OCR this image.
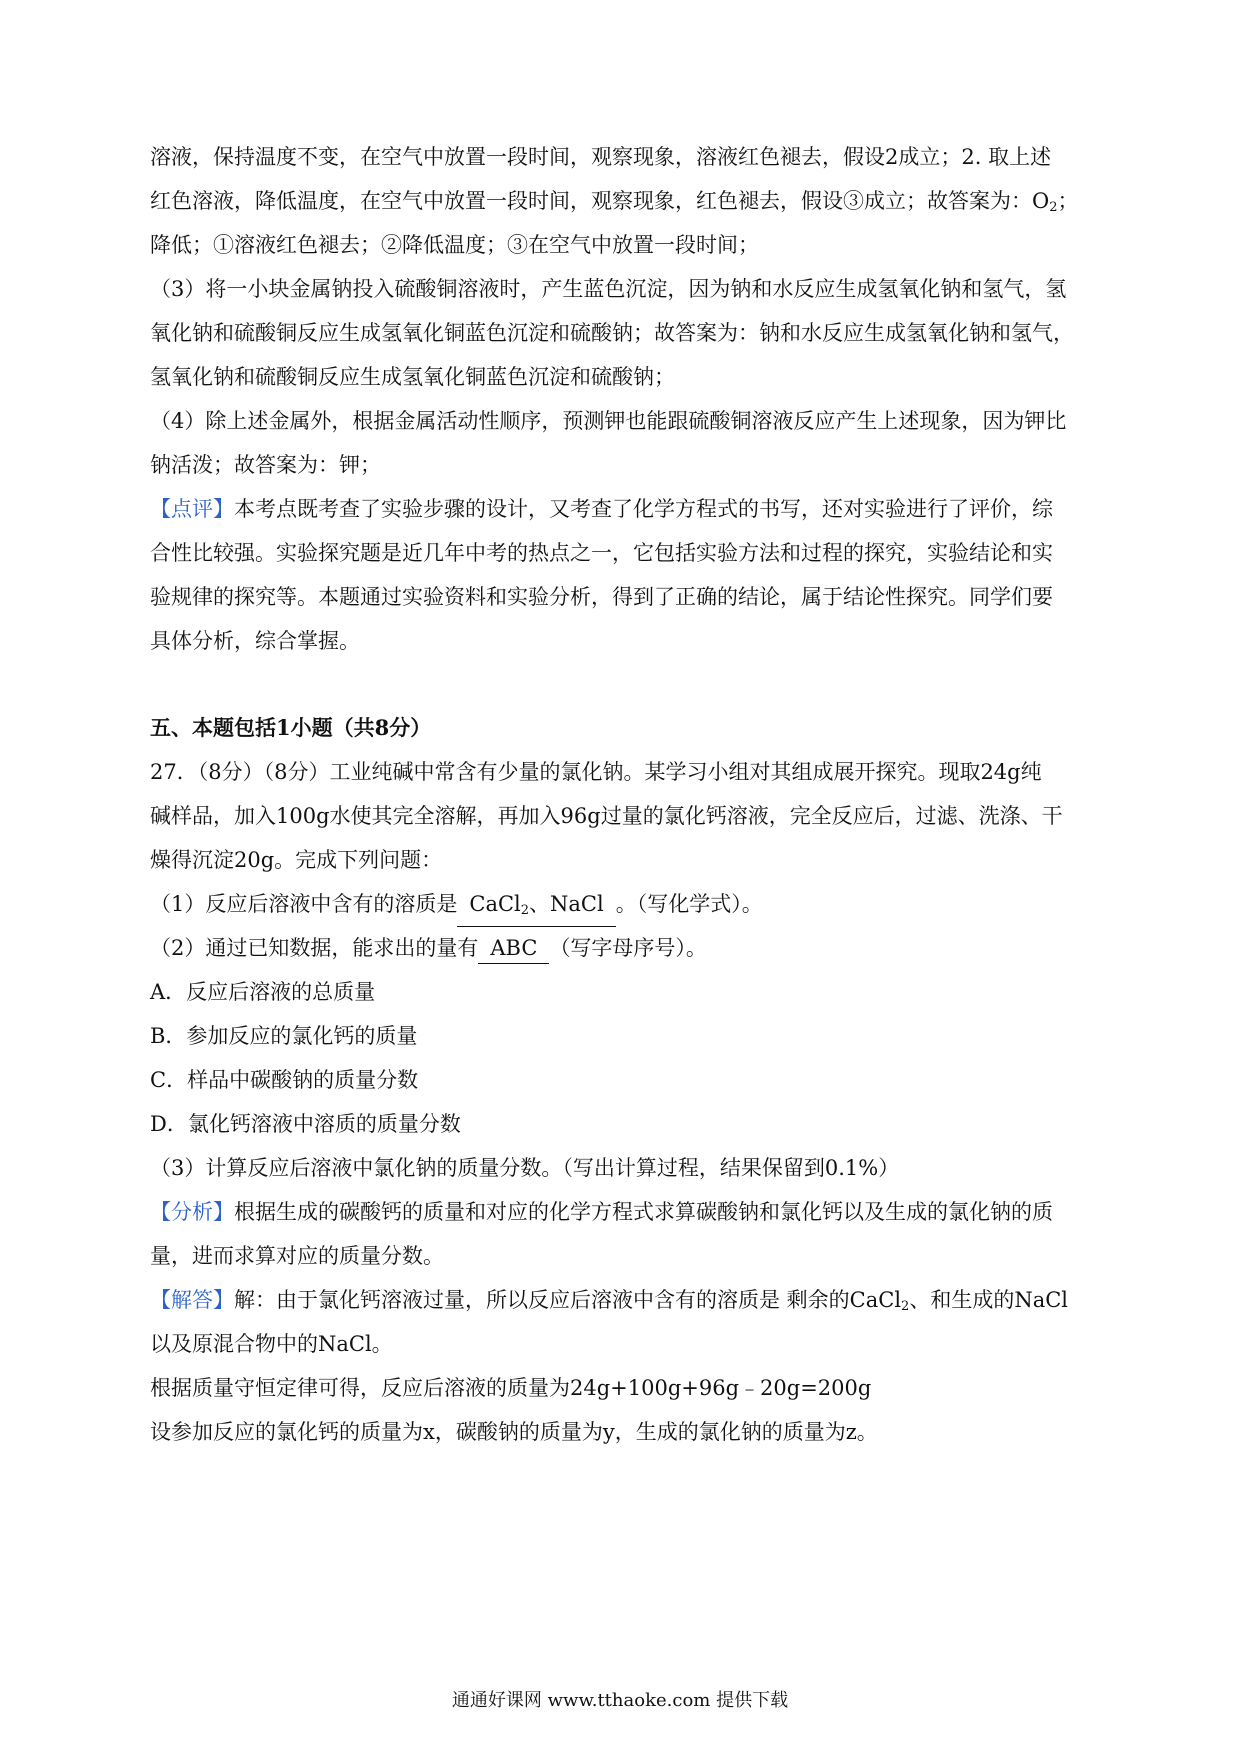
溶液，保持温度不变，在空气中放置一段时间，观察现象，溶液红色褪去，假设2成立；2. 取上述
红色溶液，降低温度，在空气中放置一段时间，观察现象，红色褪去，假设③成立；故答案为：$O_2$；
降低；①溶液红色褪去；②降低温度；③在空气中放置一段时间；
（3）将一小块金属钠投入硫酸铜溶液时，产生蓝色沉淀，因为钠和水反应生成氢氧化钠和氢气，氢
氧化钠和硫酸铜反应生成氢氧化铜蓝色沉淀和硫酸钠；故答案为：钠和水反应生成氢氧化钠和氢气，
氢氧化钠和硫酸铜反应生成氢氧化铜蓝色沉淀和硫酸钠；
（4）除上述金属外，根据金属活动性顺序，预测钾也能跟硫酸铜溶液反应产生上述现象，因为钾比
钠活泼；故答案为：钾；
【点评】本考点既考查了实验步骤的设计，又考查了化学方程式的书写，还对实验进行了评价，综
合性比较强。实验探究题是近几年中考的热点之一，它包括实验方法和过程的探究，实验结论和实
验规律的探究等。本题通过实验资料和实验分析，得到了正确的结论，属于结论性探究。同学们要
具体分析，综合掌握。
五、本题包括1小题（共8分）
27．（8分）（8分）工业纯碱中常含有少量的氯化钠。某学习小组对其组成展开探究。现取24g纯
碱样品，加入100g水使其完全溶解，再加入96g过量的氯化钙溶液，完全反应后，过滤、洗涤、干
燥得沉淀20g。完成下列问题：
（1）反应后溶液中含有的溶质是 CaCl$_2$、NaCl 。（写化学式）。
（2）通过已知数据，能求出的量有 ABC （写字母序号）。
A．反应后溶液的总质量
B．参加反应的氯化钙的质量
C．样品中碳酸钠的质量分数
D．氯化钙溶液中溶质的质量分数
（3）计算反应后溶液中氯化钠的质量分数。（写出计算过程，结果保留到0.1%）
【分析】根据生成的碳酸钙的质量和对应的化学方程式求算碳酸钠和氯化钙以及生成的氯化钠的质
量，进而求算对应的质量分数。
【解答】解：由于氯化钙溶液过量，所以反应后溶液中含有的溶质是 剩余的CaCl$_2$、和生成的NaCl
以及原混合物中的NaCl。
根据质量守恒定律可得，反应后溶液的质量为24g+100g+96g﹣20g=200g
设参加反应的氯化钙的质量为x，碳酸钠的质量为y，生成的氯化钠的质量为z。
通通好课网 www.tthaoke.com 提供下载
